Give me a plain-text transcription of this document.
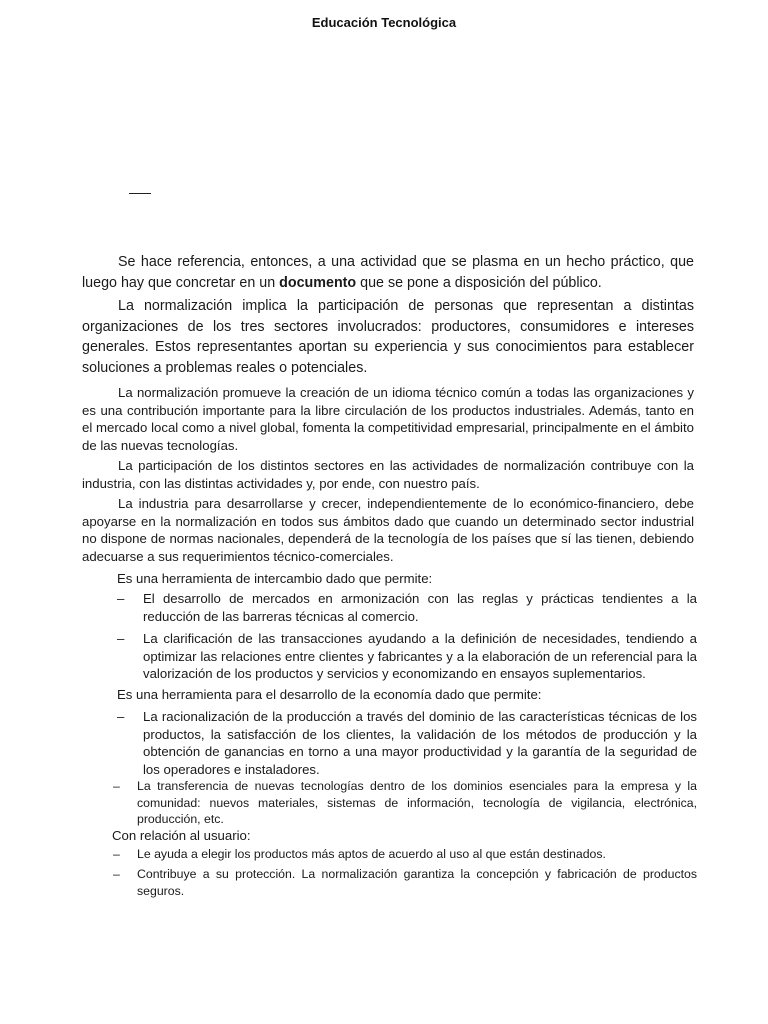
Educación Tecnológica

Se hace referencia, entonces, a una actividad que se plasma en un hecho práctico, que luego hay que concretar en un documento que se pone a disposición del público.

La normalización implica la participación de personas que representan a distintas organizaciones de los tres sectores involucrados: productores, consumidores e intereses generales. Estos representantes aportan su experiencia y sus conocimientos para establecer soluciones a problemas reales o potenciales.

La normalización promueve la creación de un idioma técnico común a todas las organizaciones y es una contribución importante para la libre circulación de los productos industriales. Además, tanto en el mercado local como a nivel global, fomenta la competitividad empresarial, principalmente en el ámbito de las nuevas tecnologías.

La participación de los distintos sectores en las actividades de normalización contribuye con la industria, con las distintas actividades y, por ende, con nuestro país.

La industria para desarrollarse y crecer, independientemente de lo económico-financiero, debe apoyarse en la normalización en todos sus ámbitos dado que cuando un determinado sector industrial no dispone de normas nacionales, dependerá de la tecnología de los países que sí las tienen, debiendo adecuarse a sus requerimientos técnico-comerciales.

Es una herramienta de intercambio dado que permite:

– El desarrollo de mercados en armonización con las reglas y prácticas tendientes a la reducción de las barreras técnicas al comercio.
– La clarificación de las transacciones ayudando a la definición de necesidades, tendiendo a optimizar las relaciones entre clientes y fabricantes y a la elaboración de un referencial para la valorización de los productos y servicios y economizando en ensayos suplementarios.

Es una herramienta para el desarrollo de la economía dado que permite:

– La racionalización de la producción a través del dominio de las características técnicas de los productos, la satisfacción de los clientes, la validación de los métodos de producción y la obtención de ganancias en torno a una mayor productividad y la garantía de la seguridad de los operadores e instaladores.
– La transferencia de nuevas tecnologías dentro de los dominios esenciales para la empresa y la comunidad: nuevos materiales, sistemas de información, tecnología de vigilancia, electrónica, producción, etc.

Con relación al usuario:

– Le ayuda a elegir los productos más aptos de acuerdo al uso al que están destinados.
– Contribuye a su protección. La normalización garantiza la concepción y fabricación de productos seguros.
